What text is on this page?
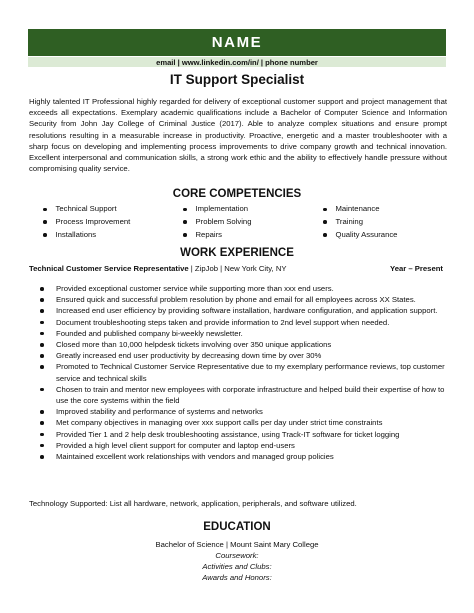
NAME
email | www.linkedin.com/in/ | phone number
IT Support Specialist

Highly talented IT Professional highly regarded for delivery of exceptional customer support and project management that exceeds all expectations. Exemplary academic qualifications include a Bachelor of Computer Science and Information Security from John Jay College of Criminal Justice (2017). Able to analyze complex situations and ensure prompt resolutions resulting in a measurable increase in productivity. Proactive, energetic and a master troubleshooter with a sharp focus on developing and implementing process improvements to drive company growth and technical innovation. Excellent interpersonal and communication skills, a strong work ethic and the ability to effectively handle pressure without compromising quality service.

CORE COMPETENCIES
Technical Support	Implementation	Maintenance
Process Improvement	Problem Solving	Training
Installations	Repairs	Quality Assurance
WORK EXPERIENCE
Technical Customer Service Representative | ZipJob | New York City, NY	Year – Present
Provided exceptional customer service while supporting more than xxx end users.
Ensured quick and successful problem resolution by phone and email for all employees across XX States.
Increased end user efficiency by providing software installation, hardware configuration, and application support.
Document troubleshooting steps taken and provide information to 2nd level support when needed.
Founded and published company bi-weekly newsletter.
Closed more than 10,000 helpdesk tickets involving over 350 unique applications
Greatly increased end user productivity by decreasing down time by over 30%
Promoted to Technical Customer Service Representative due to my exemplary performance reviews, top customer service and technical skills
Chosen to train and mentor new employees with corporate infrastructure and helped build their expertise of how to use the core systems within the field
Improved stability and performance of systems and networks
Met company objectives in managing over xxx support calls per day under strict time constraints
Provided Tier 1 and 2 help desk troubleshooting assistance, using Track-IT software for ticket logging
Provided a high level client support for computer and laptop end-users
Maintained excellent work relationships with vendors and managed group policies
Technology Supported: List all hardware, network, application, peripherals, and software utilized.
EDUCATION
Bachelor of Science | Mount Saint Mary College
Coursework:
Activities and Clubs:
Awards and Honors:
